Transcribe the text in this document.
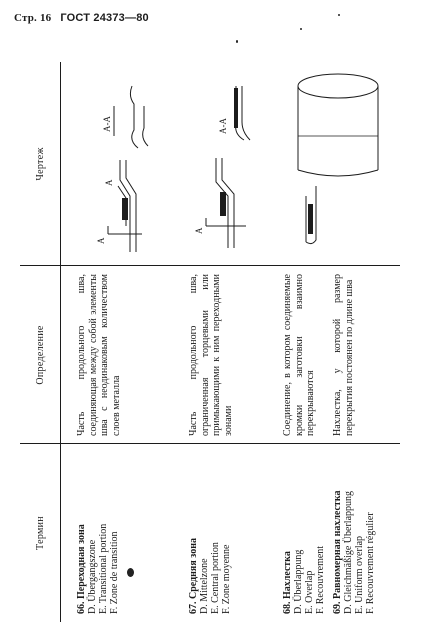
Стр. 16 ГОСТ 24373—80
Термин
Определение
Чертеж
66. Переходная зона D. Übergangszone E. Transitional portion F. Zone de transition
Часть продольного шва, соединяющая между собой элементы шва с неодинаковым количеством слоев металла
67. Средняя зона D. Mittelzone E. Central portion F. Zone moyenne
Часть продольного шва, ограниченная торцевыми или примыкающими к ним переходными зонами
68. Нахлестка D. Überlappung E. Overlap F. Recouvrement
Соединение, в котором соединяемые кромки заготовки взаимно перекрываются
69. Равномерная нахлестка D. Gleichmäßige Überlappung E. Uniform overlap F. Recouvrement régulier
Нахлестка, у которой размер перекрытия постоянен по длине шва
А
А
А-А
А
А-А
